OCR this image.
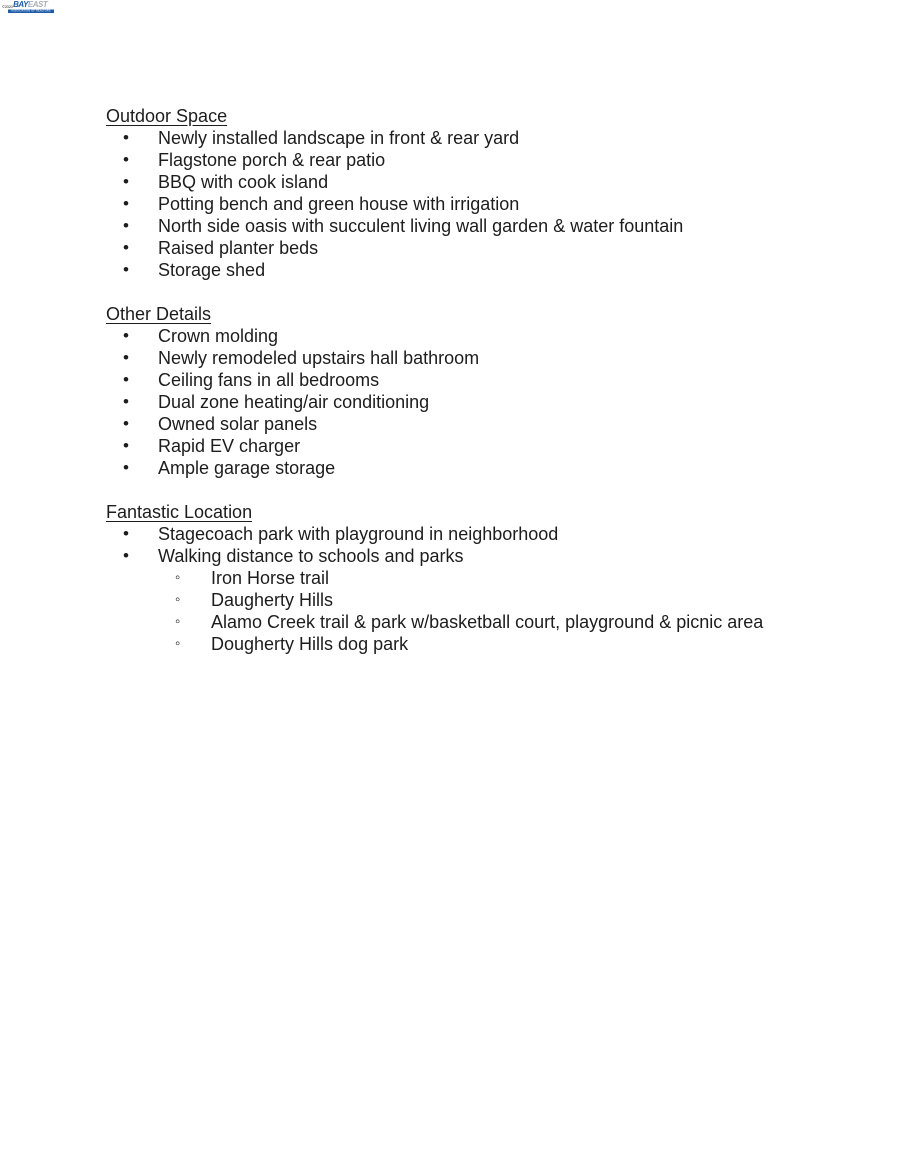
©2020 BAY EAST
ASSOCIATION OF REALTORS
Outdoor Space
• Newly installed landscape in front & rear yard
• Flagstone porch & rear patio
• BBQ with cook island
• Potting bench and green house with irrigation
• North side oasis with succulent living wall garden & water fountain
• Raised planter beds
• Storage shed
Other Details
• Crown molding
• Newly remodeled upstairs hall bathroom
• Ceiling fans in all bedrooms
• Dual zone heating/air conditioning
• Owned solar panels
• Rapid EV charger
• Ample garage storage
Fantastic Location
• Stagecoach park with playground in neighborhood
• Walking distance to schools and parks
◦ Iron Horse trail
◦ Daugherty Hills
◦ Alamo Creek trail & park w/basketball court, playground & picnic area
◦ Dougherty Hills dog park
